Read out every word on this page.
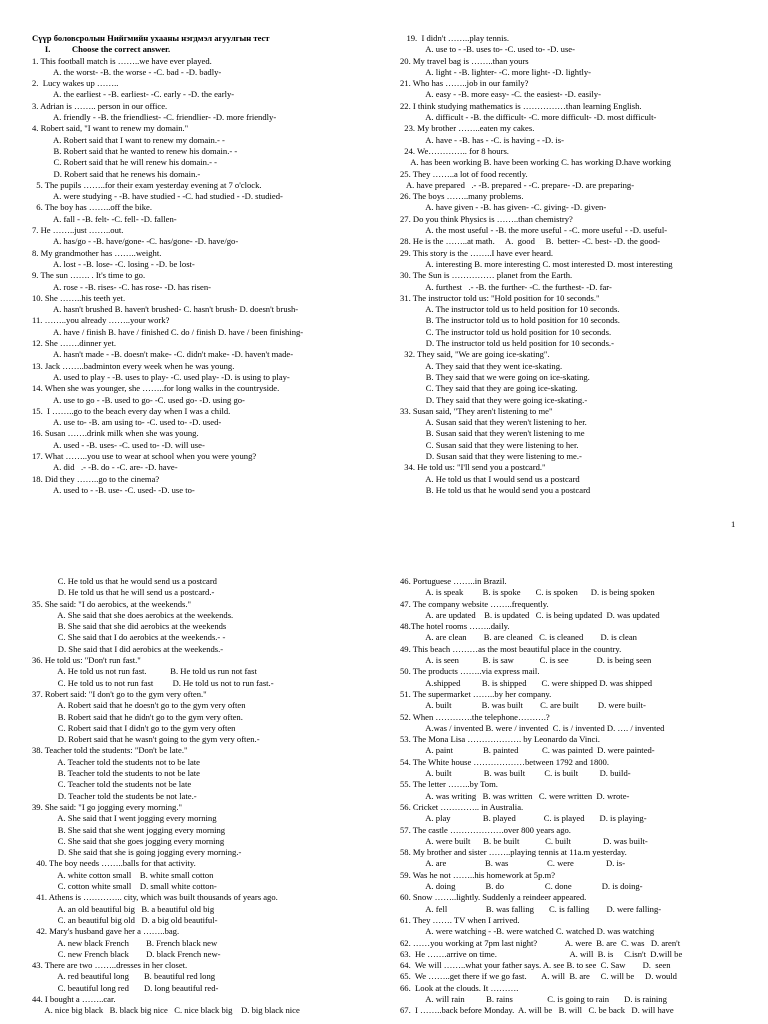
Сүүр боловсролын Нийгмийн ухааны нэгдмэл агуулгын тест
I.          Choose the correct answer.
1. This football match is ……..we have ever played.
A. the worst- -B. the worse - -C. bad - -D. badly-
2.  Lucy wakes up ……..
A. the earliest - -B. earliest- -C. early - -D. the early-
3. Adrian is …….. person in our office.
A. friendly - -B. the friendliest- -C. friendlier- -D. more friendly-
4. Robert said, "I want to renew my domain."
A. Robert said that I want to renew my domain.- -
B. Robert said that he wanted to renew his domain.- -
C. Robert said that he will renew his domain.- -
D. Robert said that he renews his domain.-
5. The pupils ……..for their exam yesterday evening at 7 o'clock.
A. were studying - -B. have studied - -C. had studied - -D. studied-
6. The boy has ……..off the bike.
A. fall - -B. felt- -C. fell- -D. fallen-
7. He ……..just ……..out.
A. has/go - -B. have/gone- -C. has/gone- -D. have/go-
8. My grandmother has ……..weight.
A. lost - -B. lose- -C. losing - -D. be lost-
9. The sun ……. . It's time to go.
A. rose - -B. rises- -C. has rose- -D. has risen-
10. She ……..his teeth yet.
A. hasn't brushed B. haven't brushed- C. hasn't brush- D. doesn't brush-
11. ……..you already ……..your work?
A. have / finish B. have / finished C. do / finish D. have / been finishing-
12. She …….dinner yet.
A. hasn't made - -B. doesn't make- -C. didn't make- -D. haven't made-
13. Jack ……..badminton every week when he was young.
A. used to play - -B. uses to play- -C. used play- -D. is using to play-
14. When she was younger, she ……..for long walks in the countryside.
A. use to go - -B. used to go- -C. used go- -D. using go-
15.  I ……..go to the beach every day when I was a child.
A. use to- -B. am using to- -C. used to- -D. used-
16. Susan …….drink milk when she was young.
A. used - -B. uses- -C. used to- -D. will use-
17. What ……..you use to wear at school when you were young?
A. did   .- -B. do - -C. are- -D. have-
18. Did they ……..go to the cinema?
A. used to - -B. use- -C. used- -D. use to-
19.  I didn't ……..play tennis.
A. use to - -B. uses to- -C. used to- -D. use-
20. My travel bag is ……..than yours
A. light - -B. lighter- -C. more light- -D. lightly-
21. Who has ……..job in our family?
A. easy - -B. more easy- -C. the easiest- -D. easily-
22. I think studying mathematics is ……………than learning English.
A. difficult - -B. the difficult- -C. more difficult- -D. most difficult-
23. My brother ……..eaten my cakes.
A. have - -B. has - -C. is having - -D. is-
24. We………….. for 8 hours.
A. has been working B. have been working C. has working D.have working
25. They ……..a lot of food recently.
A. have prepared   .- -B. prepared - -C. prepare- -D. are preparing-
26. The boys ……..many problems.
A. have given - -B. has given- -C. giving- -D. given-
27. Do you think Physics is ……..than chemistry?
A. the most useful - -B. the more useful - -C. more useful - -D. useful-
28. He is the ……..at math.     A.  good     B.  better- -C. best- -D. the good-
29. This story is the ……..I have ever heard.
A. interesting B. more interesting C. most interested D. most interesting
30. The Sun is …………… planet from the Earth.
A. furthest   .- -B. the further- -C. the furthest- -D. far-
31. The instructor told us: "Hold position for 10 seconds."
A. The instructor told us to held position for 10 seconds.
B. The instructor told us to hold position for 10 seconds.
C. The instructor told us hold position for 10 seconds.
D. The instructor told us held position for 10 seconds.-
32. They said, "We are going ice-skating".
A. They said that they went ice-skating.
B. They said that we were going on ice-skating.
C. They said that they are going ice-skating.
D. They said that they were going ice-skating.-
33. Susan said, "They aren't listening to me"
A. Susan said that they weren't listening to her.
B. Susan said that they weren't listening to me
C. Susan said that they were listening to her.
D. Susan said that they were listening to me.-
34. He told us: "I'll send you a postcard."
A. He told us that I would send us a postcard
B. He told us that he would send you a postcard
1
C. He told us that he would send us a postcard
D. He told us that he will send us a postcard.-
35. She said: "I do aerobics, at the weekends."
A. She said that she does aerobics at the weekends.
B. She said that she did aerobics at the weekends
C. She said that I do aerobics at the weekends.- -
D. She said that I did aerobics at the weekends.-
36. He told us: "Don't run fast."
A. He told us not run fast.           B. He told us run not fast
C. He told us to not run fast         D. He told us not to run fast.-
37. Robert said: "I don't go to the gym very often."
A. Robert said that he doesn't go to the gym very often
B. Robert said that he didn't go to the gym very often.
C. Robert said that I didn't go to the gym very often
D. Robert said that he wasn't going to the gym very often.-
38. Teacher told the students: "Don't be late."
A. Teacher told the students not to be late
B. Teacher told the students to not be late
C. Teacher told the students not be late
D. Teacher told the students be not late.-
39. She said: "I go jogging every morning."
A. She said that I went jogging every morning
B. She said that she went jogging every morning
C. She said that she goes jogging every morning
D. She said that she is going jogging every morning.-
40. The boy needs ……..balls for that activity.
A. white cotton small    B. white small cotton
C. cotton white small    D. small white cotton-
41. Athens is ………….. city, which was built thousands of years ago.
A. an old beautiful big   B. a beautiful old big
C. an beautiful big old   D. a big old beautiful-
42. Mary's husband gave her a ……..bag.
A. new black French        B. French black new
C. new French black        D. black French new-
43. There are two ……..dresses in her closet.
A. red beautiful long       B. beautiful red long
C. beautiful long red       D. long beautiful red-
44. I bought a ……..car.
A. nice big black   B. black big nice   C. nice black big    D. big black nice
46. Portuguese ……..in Brazil.
A. is speak         B. is spoke       C. is spoken      D. is being spoken
47. The company website ……..frequently.
A. are updated    B. is updated   C. is being updated  D. was updated
48.The hotel rooms ……..daily.
A. are clean        B. are cleaned   C. is cleaned        D. is clean
49. This beach ………as the most beautiful place in the country.
A. is seen           B. is saw            C. is see             D. is being seen
50. The products ……..via express mail.
A.shipped          B. is shipped       C. were shipped D. was shipped
51. The supermarket ……..by her company.
A. built              B. was built        C. are built         D. were built-
52. When ………….the telephone……….?
A.was / invented B. were / invented  C. is / invented D. …. / invented
53. The Mona Lisa ………………. by Leonardo da Vinci.
A. paint              B. painted           C. was painted  D. were painted-
54. The White house ………………between 1792 and 1800.
A. built               B. was built         C. is built          D. build-
55. The letter ……..by Tom.
A. was writing   B. was written   C. were written  D. wrote-
56. Cricket ………….. in Australia.
A. play               B. played             C. is played       D. is playing-
57. The castle ……………….over 800 years ago.
A. were built      B. be built            C. built               D. was built-
58. My brother and sister ……..playing tennis at 11a.m yesterday.
A. are                  B. was                  C. were               D. is-
59. Was he not ……..his homework at 5p.m?
A. doing              B. do                   C. done              D. is doing-
60. Snow ……..lightly. Suddenly a reindeer appeared.
A. fell                  B. was falling       C. is falling        D. were falling-
61. They ……. TV when I arrived.
A. were watching - -B. were watched C. watched D. was watching
62. ……you working at 7pm last night?             A. were  B. are  C. was   D. aren't
63.  He …….arrive on time.                                  A. will  B. is     C.isn't  D.will be
64.  We will ……..what your father says. A. see B. to see  C. Saw        D.  seen
65.  We ……..get there if we go fast.       A. will  B. are     C. will be     D. would
66.  Look at the clouds. It ……….
A. will rain          B. rains                C. is going to rain       D. is raining
67.  I ……..back before Monday.  A. will be   B. will   C. be back   D. will have
